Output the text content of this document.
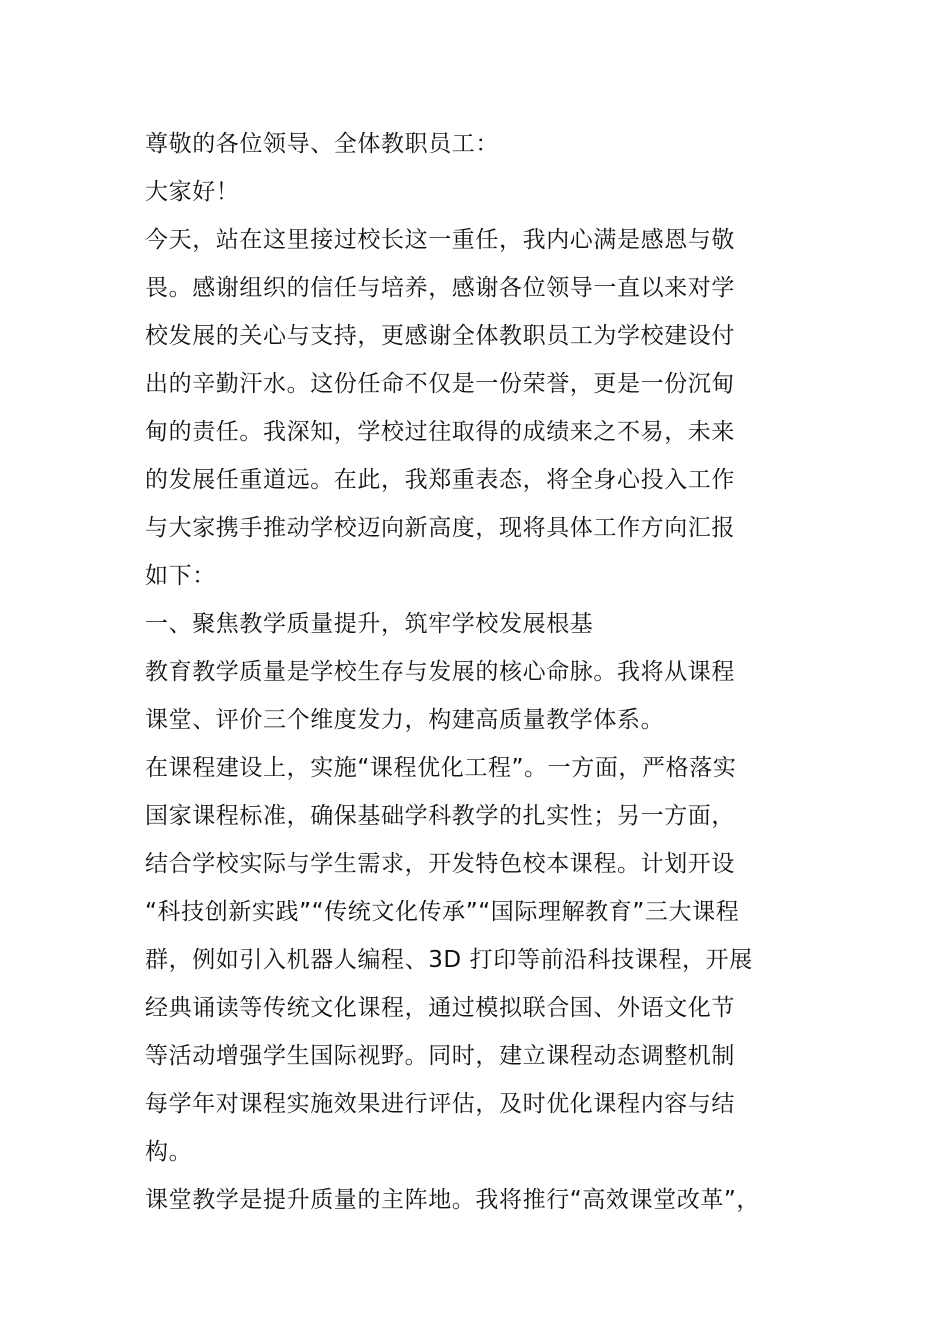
尊敬的各位领导、全体教职员工：
大家好！
今天，站在这里接过校长这一重任，我内心满是感恩与敬
畏。感谢组织的信任与培养，感谢各位领导一直以来对学
校发展的关心与支持，更感谢全体教职员工为学校建设付
出的辛勤汗水。这份任命不仅是一份荣誉，更是一份沉甸
甸的责任。我深知，学校过往取得的成绩来之不易，未来
的发展任重道远。在此，我郑重表态，将全身心投入工作
与大家携手推动学校迈向新高度，现将具体工作方向汇报
如下：
一、聚焦教学质量提升，筑牢学校发展根基
教育教学质量是学校生存与发展的核心命脉。我将从课程
课堂、评价三个维度发力，构建高质量教学体系。
在课程建设上，实施“课程优化工程”。一方面，严格落实
国家课程标准，确保基础学科教学的扎实性；另一方面，
结合学校实际与学生需求，开发特色校本课程。计划开设
“科技创新实践”“传统文化传承”“国际理解教育”三大课程
群，例如引入机器人编程、3D 打印等前沿科技课程，开展
经典诵读等传统文化课程，通过模拟联合国、外语文化节
等活动增强学生国际视野。同时，建立课程动态调整机制
每学年对课程实施效果进行评估，及时优化课程内容与结
构。
课堂教学是提升质量的主阵地。我将推行“高效课堂改革”，
